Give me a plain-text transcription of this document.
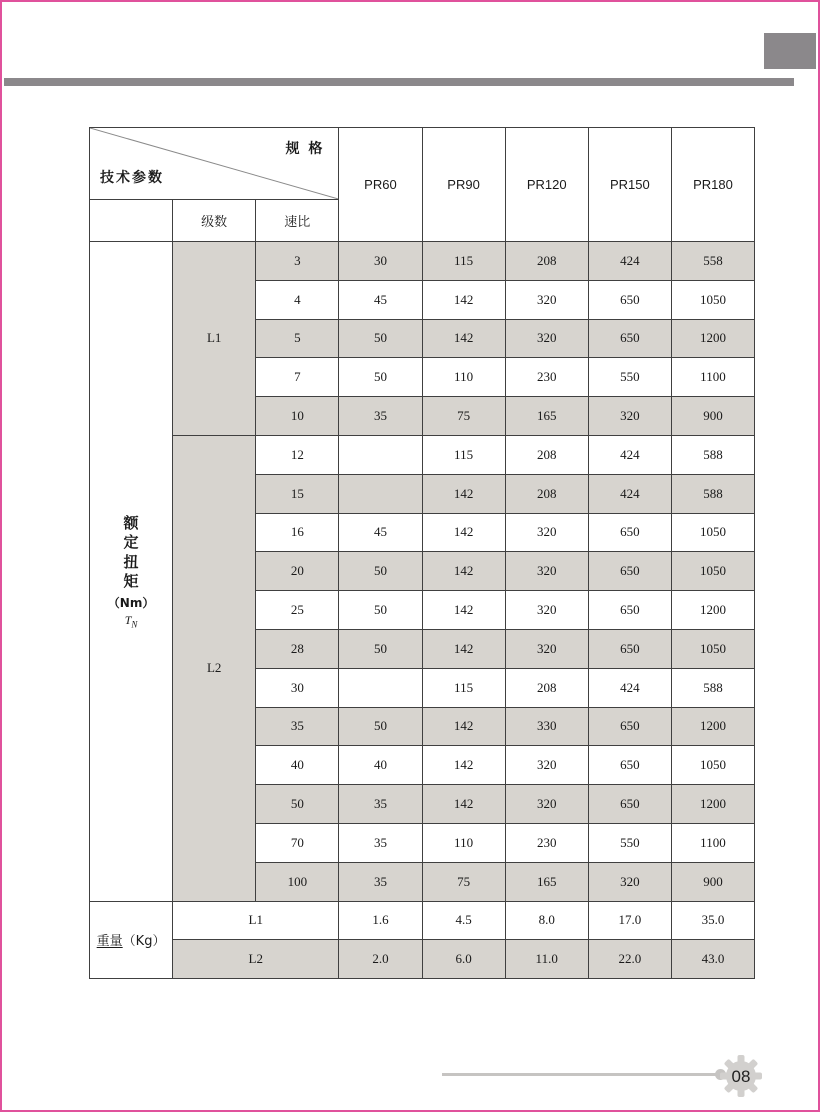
技术参数
规 格			PR60	PR90	PR120	PR150	PR180
	级数	速比					

额定扭矩
（Nm）
$T_N$	L1	3	30	115	208	424	558
		4	45	142	320	650	1050
		5	50	142	320	650	1200
		7	50	110	230	550	1100
		10	35	75	165	320	900
	L2	12		115	208	424	588
		15		142	208	424	588
		16	45	142	320	650	1050
		20	50	142	320	650	1050
		25	50	142	320	650	1200
		28	50	142	320	650	1050
		30		115	208	424	588
		35	50	142	330	650	1200
		40	40	142	320	650	1050
		50	35	142	320	650	1200
		70	35	110	230	550	1100
		100	35	75	165	320	900
重量（Kg）	L1		1.6	4.5	8.0	17.0	35.0
	L2		2.0	6.0	11.0	22.0	43.0
08
